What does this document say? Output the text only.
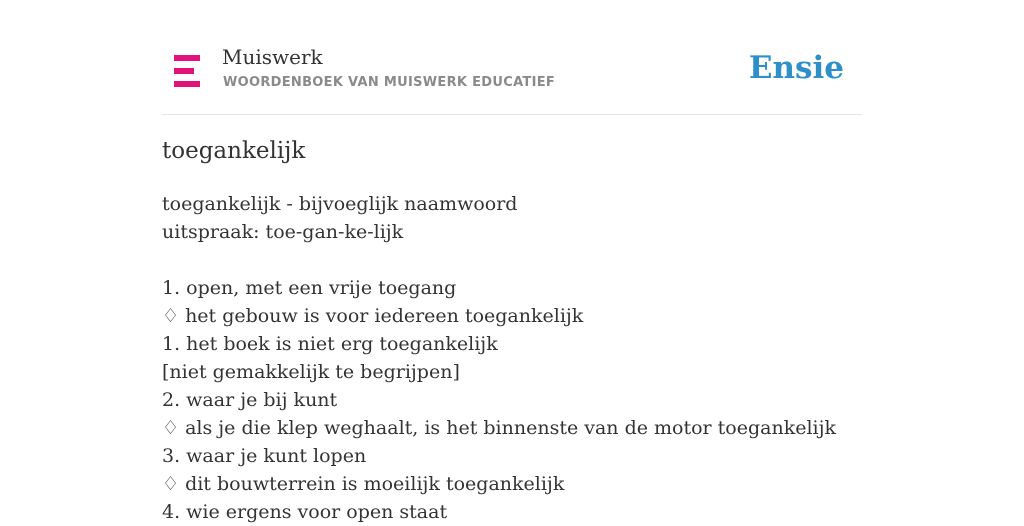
Muiswerk
WOORDENBOEK VAN MUISWERK EDUCATIEF	Ensie
toegankelijk
toegankelijk - bijvoeglijk naamwoord
uitspraak: toe-gan-ke-lijk
1. open, met een vrije toegang
♢ het gebouw is voor iedereen toegankelijk
1. het boek is niet erg toegankelijk
[niet gemakkelijk te begrijpen]
2. waar je bij kunt
♢ als je die klep weghaalt, is het binnenste van de motor toegankelijk
3. waar je kunt lopen
♢ dit bouwterrein is moeilijk toegankelijk
4. wie ergens voor open staat
